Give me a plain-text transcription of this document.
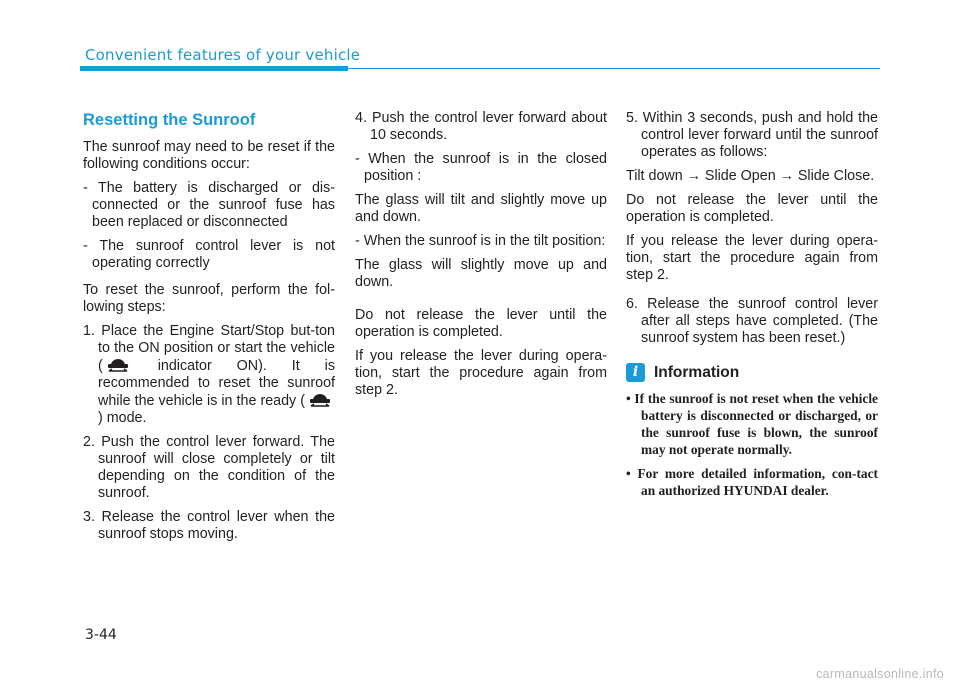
Convenient features of your vehicle
Resetting the Sunroof

The sunroof may need to be reset if the following conditions occur:

- The battery is discharged or dis-connected or the sunroof fuse has been replaced or disconnected

- The sunroof control lever is not operating correctly

To reset the sunroof, perform the fol-lowing steps:

1. Place the Engine Start/Stop but-ton to the ON position or start the vehicle ( indicator ON). It is recommended to reset the sunroof while the vehicle is in the ready ( ) mode.

2. Push the control lever forward. The sunroof will close completely or tilt depending on the condition of the sunroof.

3. Release the control lever when the sunroof stops moving.

4. Push the control lever forward about 10 seconds.

- When the sunroof is in the closed position :

The glass will tilt and slightly move up and down.

- When the sunroof is in the tilt position:

The glass will slightly move up and down.

Do not release the lever until the operation is completed.

If you release the lever during opera-tion, start the procedure again from step 2.

5. Within 3 seconds, push and hold the control lever forward until the sunroof operates as follows:

Tilt down → Slide Open → Slide Close.

Do not release the lever until the operation is completed.

If you release the lever during opera-tion, start the procedure again from step 2.

6. Release the sunroof control lever after all steps have completed. (The sunroof system has been reset.)

i	Information

• If the sunroof is not reset when the vehicle battery is disconnected or discharged, or the sunroof fuse is blown, the sunroof may not operate normally.

• For more detailed information, con-tact an authorized HYUNDAI dealer.

3-44
carmanualsonline.info
